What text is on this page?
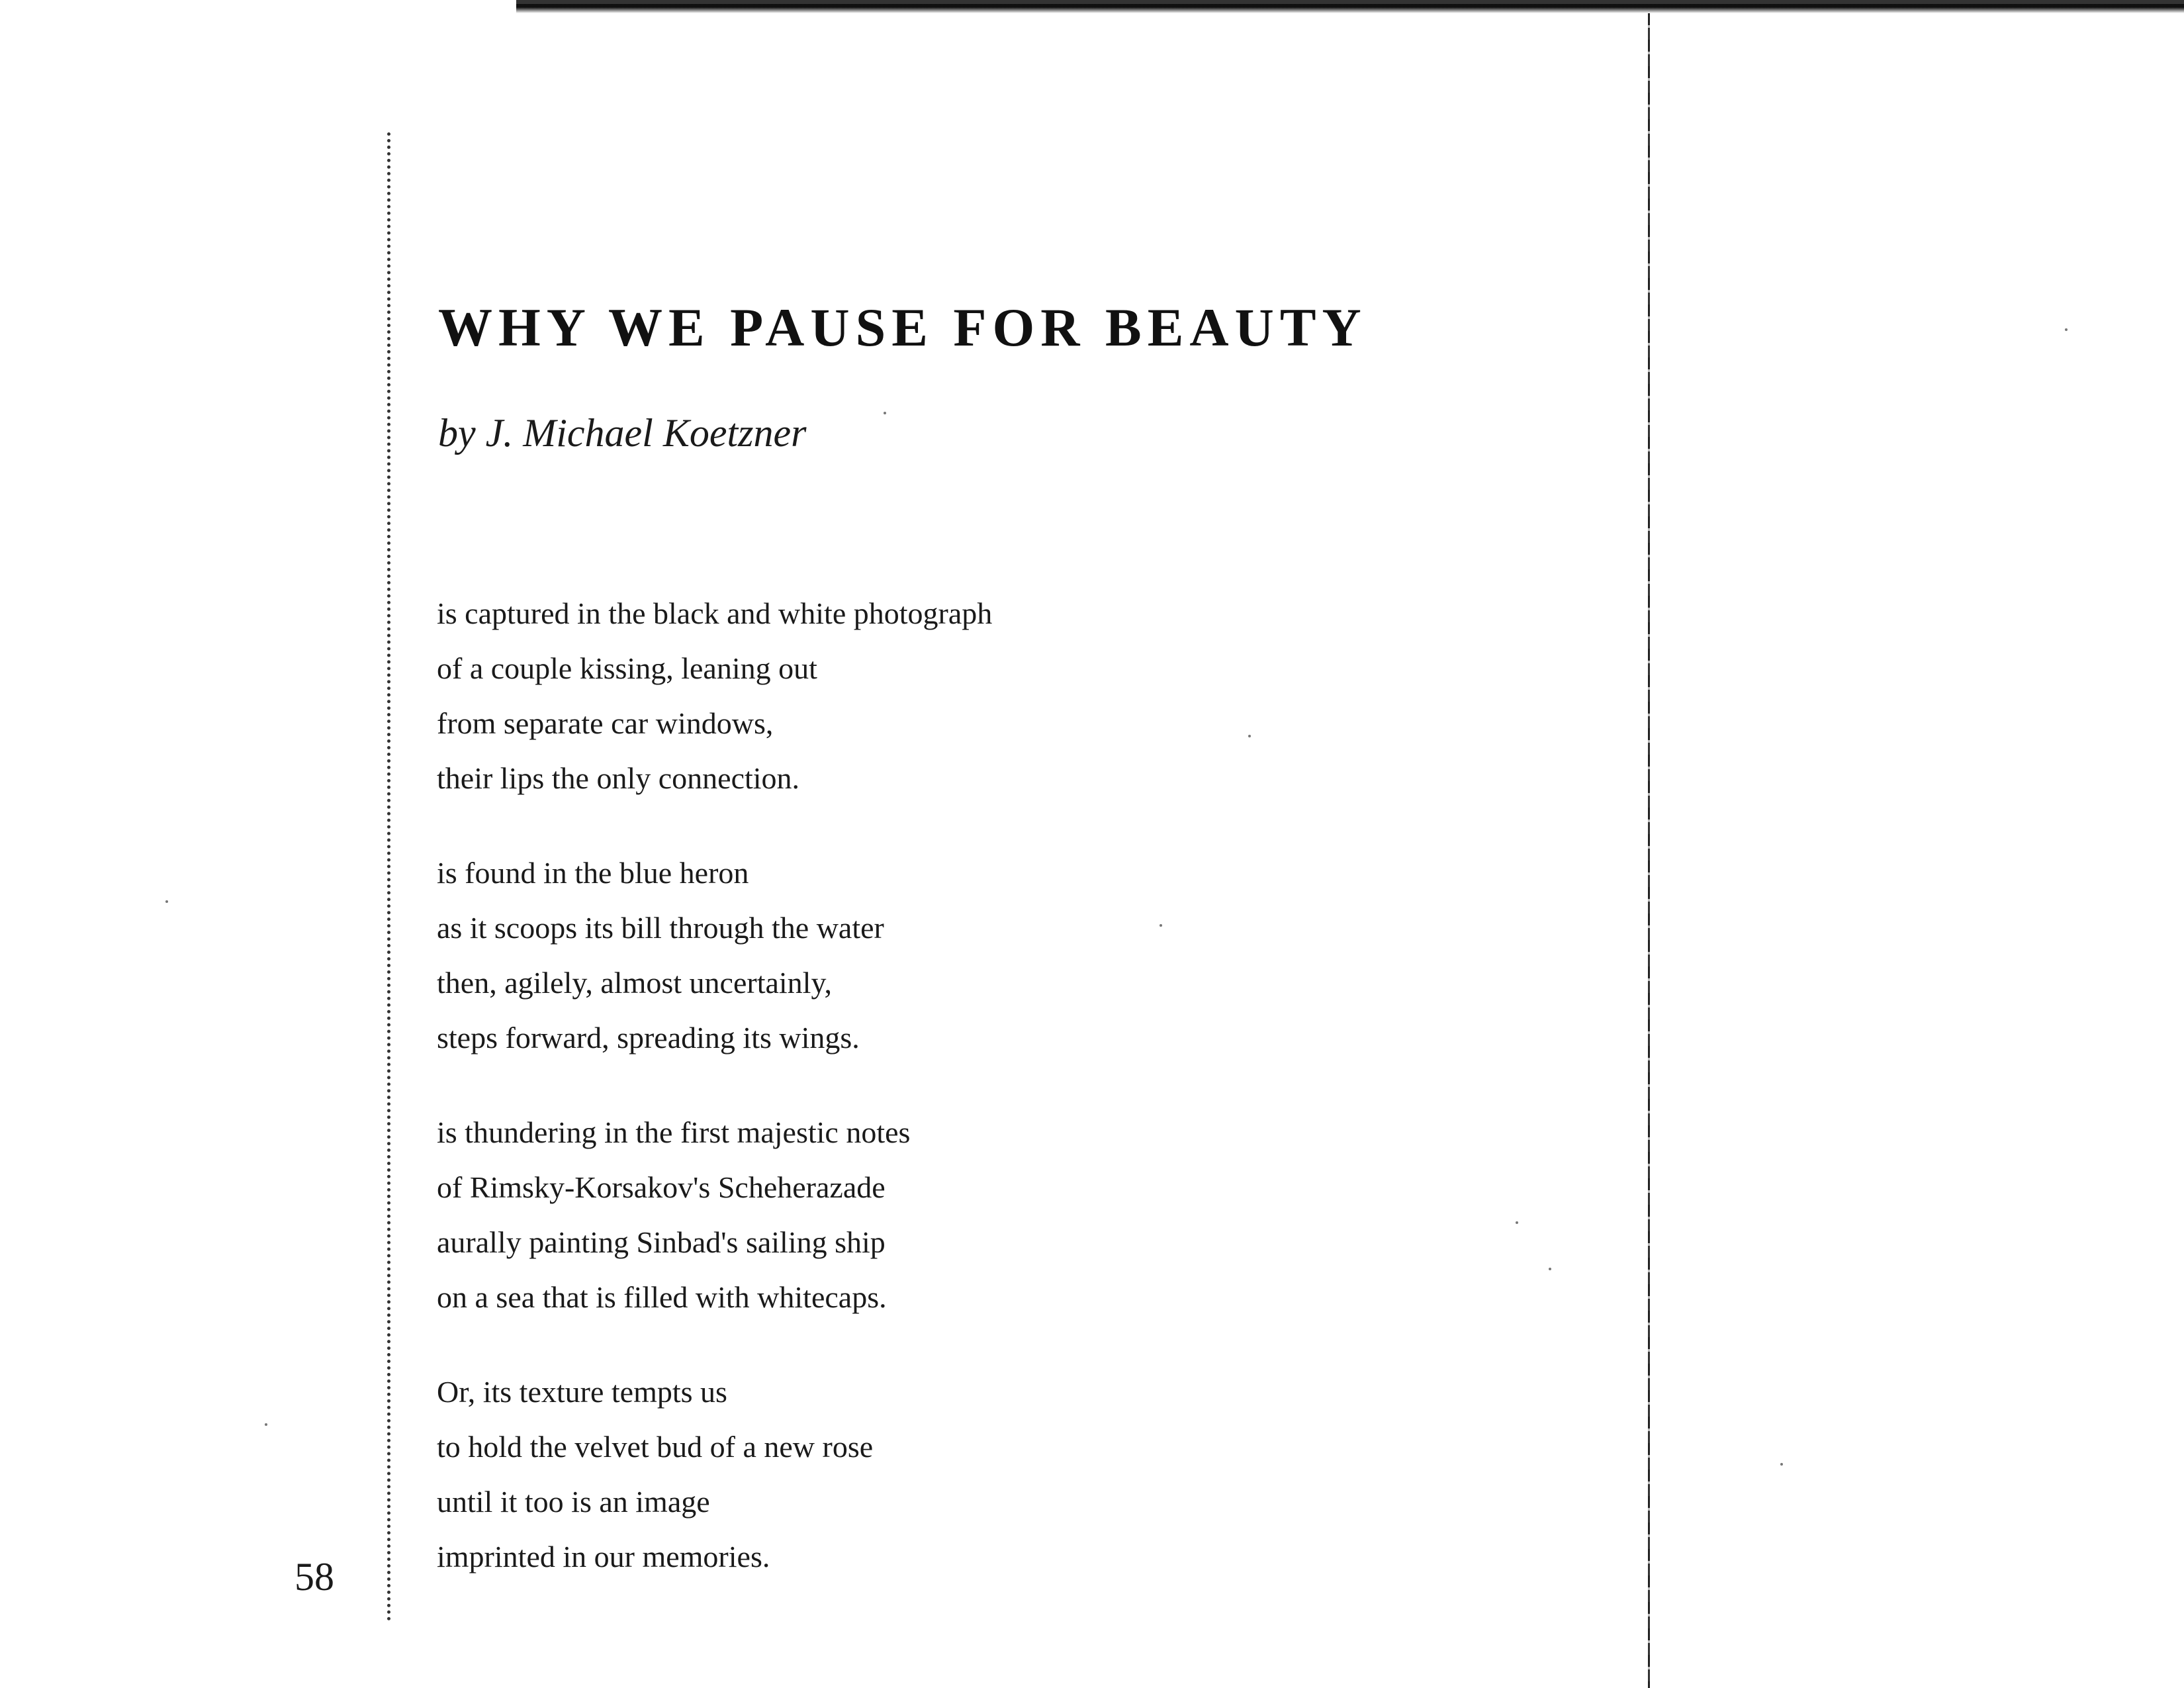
WHY WE PAUSE FOR BEAUTY

by J. Michael Koetzner

is captured in the black and white photograph
of a couple kissing, leaning out
from separate car windows,
their lips the only connection.
is found in the blue heron
as it scoops its bill through the water
then, agilely, almost uncertainly,
steps forward, spreading its wings.
is thundering in the first majestic notes
of Rimsky-Korsakov's Scheherazade
aurally painting Sinbad's sailing ship
on a sea that is filled with whitecaps.
Or, its texture tempts us
to hold the velvet bud of a new rose
until it too is an image
imprinted in our memories.
58
